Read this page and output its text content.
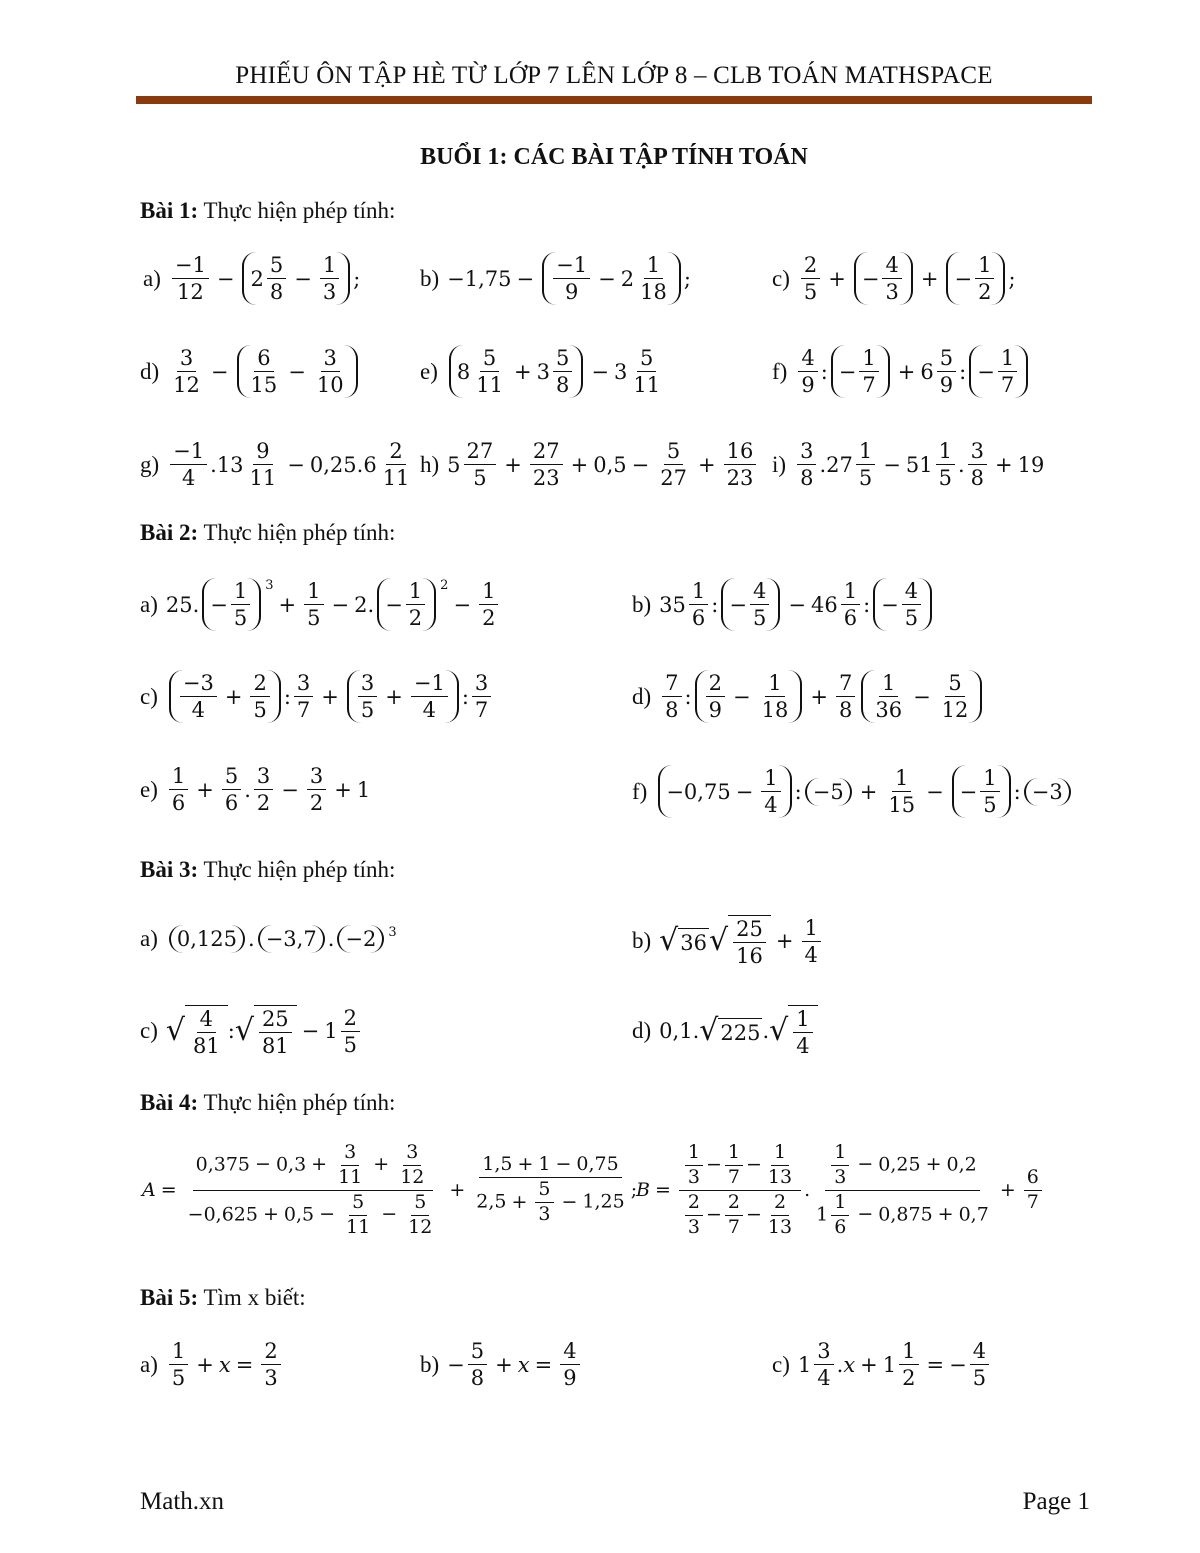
PHIẾU ÔN TẬP HÈ TỪ LỚP 7 LÊN LỚP 8 – CLB TOÁN MATHSPACE
BUỔI 1: CÁC BÀI TẬP TÍNH TOÁN
Bài 1: Thực hiện phép tính:
$a) \frac{-1}{12} - 2 \frac{5}{8} - \frac{1}{3}$ ;	$b) -1,75 - \frac{-1}{9} - 2 \frac{1}{18}$ ;	$c) \frac{2}{5}$ + − $\frac{4}{3}$ + − $\frac{1}{2}$ ;
$d) \frac{3}{12} - \frac{6}{15} - \frac{3}{10}$	e) $8 \frac{5}{11} + 3 \frac{5}{8} - 3 \frac{5}{11}$	$f) \frac{4}{9}$ : − $\frac{1}{7} + 6 \frac{5}{9}$ : − $\frac{1}{7}$
$g) \frac{-1}{4} .13 \frac{9}{11} - 0,25.6 \frac{2}{11} h$) $5 \frac{27}{5} + \frac{27}{23} + 0,5 - \frac{5}{27} + \frac{16}{23} i) \frac{3}{8} .27 \frac{1}{5} - 51 \frac{1}{5}$ . $\frac{3}{8} + 19$
Bài 2: Thực hiện phép tính:
a) 25. − $\frac{1}{5} 3$
+ $\frac{1}{5} - 2$. − $\frac{1}{2} 2$
− $\frac{1}{2}$	b) $35 \frac{1}{6}$ : − $\frac{4}{5} - 46 \frac{1}{6}$ : − $\frac{4}{5}$
$c) \frac{-3}{4} + \frac{2}{5}$ : $\frac{3}{7} + \frac{3}{5} + \frac{-1}{4}$ : $\frac{3}{7}$	$d) \frac{7}{8}$ : $\frac{2}{9} - \frac{1}{18} + \frac{7}{8} \frac{1}{36} - \frac{5}{12}$
$e) \frac{1}{6} + \frac{5}{6}$ . $\frac{3}{2} - \frac{3}{2} + 1$	$f) -0,75 - \frac{1}{4}$ : $-5 + \frac{1}{15}$ − − $\frac{1}{5}$ : −3
Bài 3: Thực hiện phép tính:
a) 0,125 . −3,7 . −2 3	b) √ 36 √ $\frac{25}{16} + \frac{1}{4}$
c) √ $\frac{4}{81}$ : √ $\frac{25}{81} - 1 \frac{2}{5}$	d) 0,1. √ 225 . √ $\frac{1}{4}$
Bài 4: Thực hiện phép tính:
$A = \frac{0,375 - 0,3 + \frac{3}{11} + \frac{3}{12}}{-0,625 + 0,5 - \frac{5}{11} - \frac{5}{12}} + \frac{1,5 + 1 - 0,75}{2,5 + \frac{5}{3} - 1,25}$ ;
$B = \frac{\frac{1}{3} - \frac{1}{7} - \frac{1}{13}}{\frac{2}{3} - \frac{2}{7} - \frac{2}{13}}$ . $\frac{\frac{1}{3} - 0,25 + 0,2}{1 \frac{1}{6} - 0,875 + 0,7} + \frac{6}{7}$
Bài 5: Tìm x biết:
$a) \frac{1}{5} + x = \frac{2}{3}$	$b) - \frac{5}{8} + x = \frac{4}{9}$	c) $1 \frac{3}{4}$ . $x + 1 \frac{1}{2}$ = − $\frac{4}{5}$
Math.xn	Page 1
